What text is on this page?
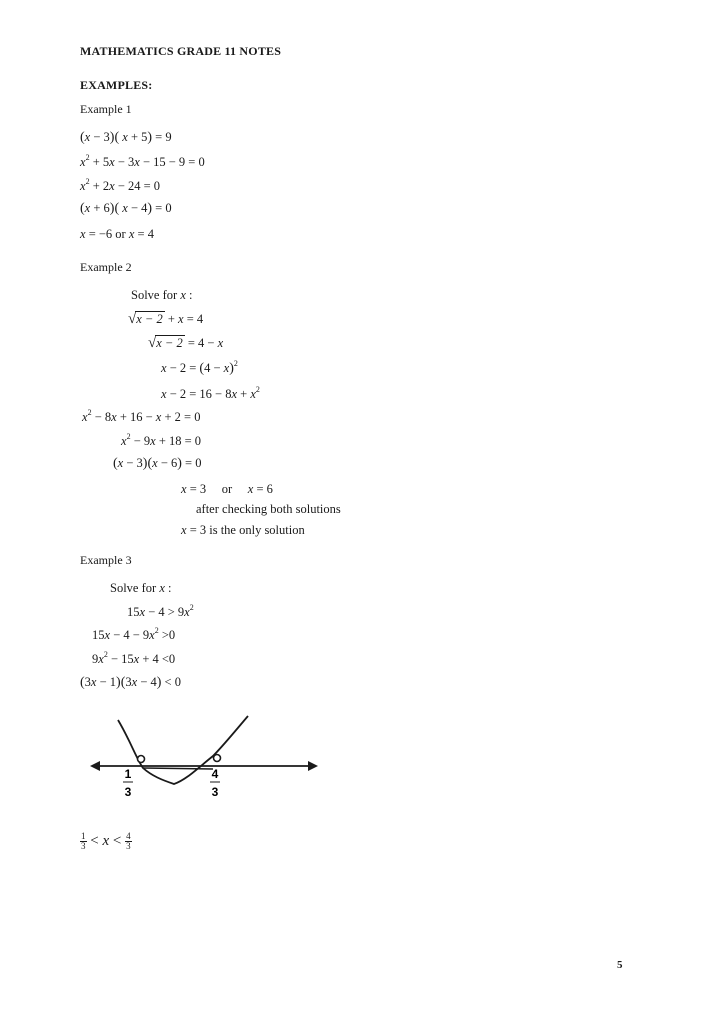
MATHEMATICS GRADE 11 NOTES
EXAMPLES:
Example 1
(x − 3)( x + 5) = 9
$x^2 + 5x - 3x - 15 - 9 = 0$
$x^2 + 2x - 24 = 0$
(x + 6)( x − 4) = 0
x = −6 or x = 4
Example 2
Solve for x :
√x − 2 + x = 4
√x − 2 = 4 − x
$x - 2 = (4 - x)^2$
$x - 2 = 16 - 8x + x^2$
$x^2 - 8x + 16 - x + 2 = 0$
$x^2 - 9x + 18 = 0$
(x − 3)(x − 6) = 0
x = 3     or     x = 6
after checking both solutions
x = 3 is the only solution
Example 3
Solve for x :
$15x - 4 > 9x^2$
$15x - 4 - 9x^2 >0$
$9x^2 - 15x + 4 <0$
(3x − 1)(3x − 4) < 0
1
3
4
3
$\frac{1}{3} < x < \frac{4}{3}$
5
